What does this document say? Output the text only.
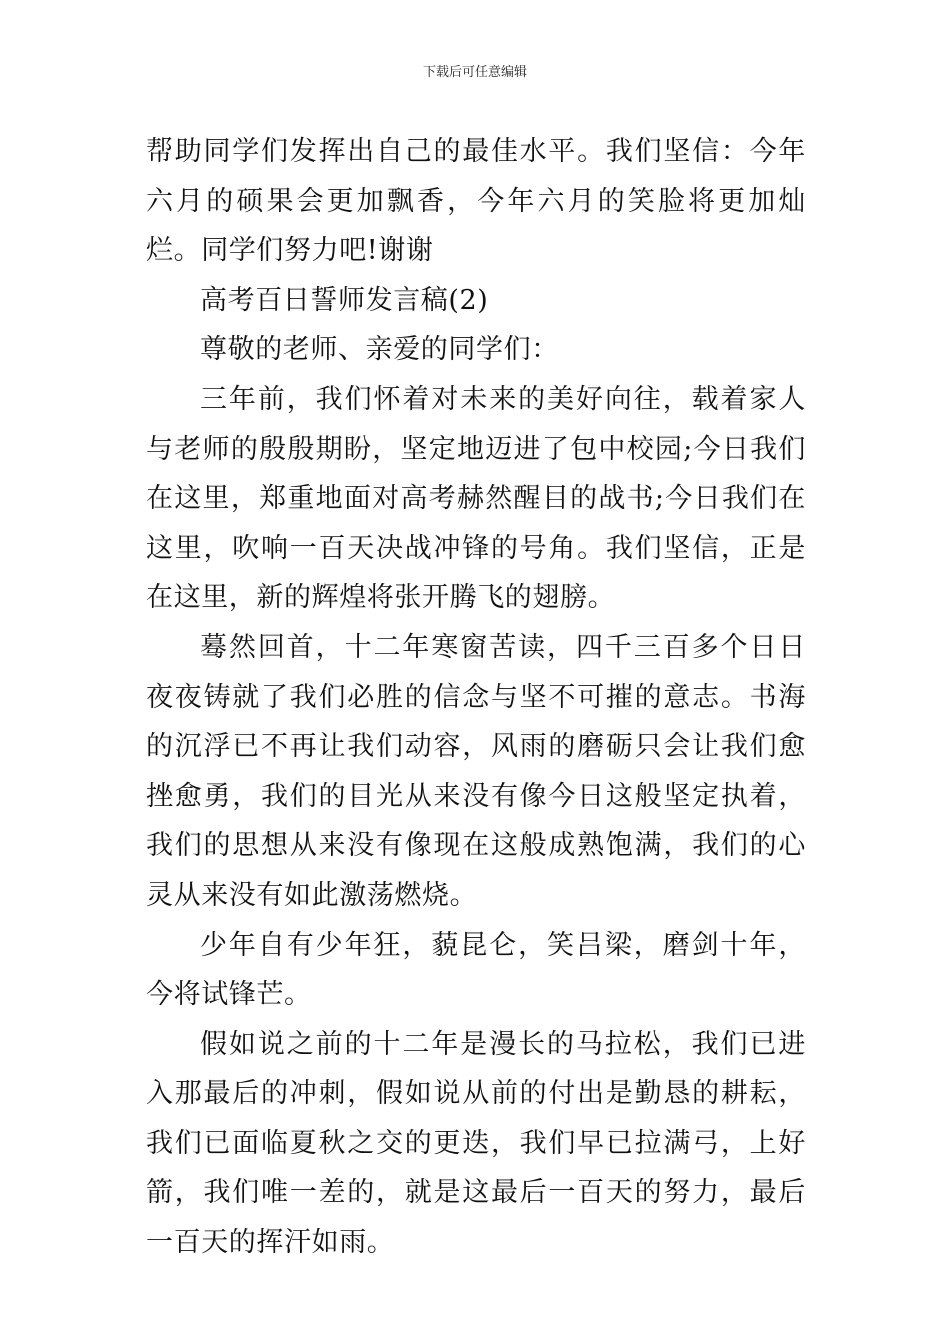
下载后可任意编辑

帮助同学们发挥出自己的最佳水平。我们坚信：今年六月的硕果会更加飘香，今年六月的笑脸将更加灿烂。同学们努力吧!谢谢

高考百日誓师发言稿(2)

尊敬的老师、亲爱的同学们：

三年前，我们怀着对未来的美好向往，载着家人与老师的殷殷期盼，坚定地迈进了包中校园;今日我们在这里，郑重地面对高考赫然醒目的战书;今日我们在这里，吹响一百天决战冲锋的号角。我们坚信，正是在这里，新的辉煌将张开腾飞的翅膀。

蓦然回首，十二年寒窗苦读，四千三百多个日日夜夜铸就了我们必胜的信念与坚不可摧的意志。书海的沉浮已不再让我们动容，风雨的磨砺只会让我们愈挫愈勇，我们的目光从来没有像今日这般坚定执着，我们的思想从来没有像现在这般成熟饱满，我们的心灵从来没有如此激荡燃烧。

少年自有少年狂，藐昆仑，笑吕梁，磨剑十年，今将试锋芒。

假如说之前的十二年是漫长的马拉松，我们已进入那最后的冲刺，假如说从前的付出是勤恳的耕耘，我们已面临夏秋之交的更迭，我们早已拉满弓，上好箭，我们唯一差的，就是这最后一百天的努力，最后一百天的挥汗如雨。
